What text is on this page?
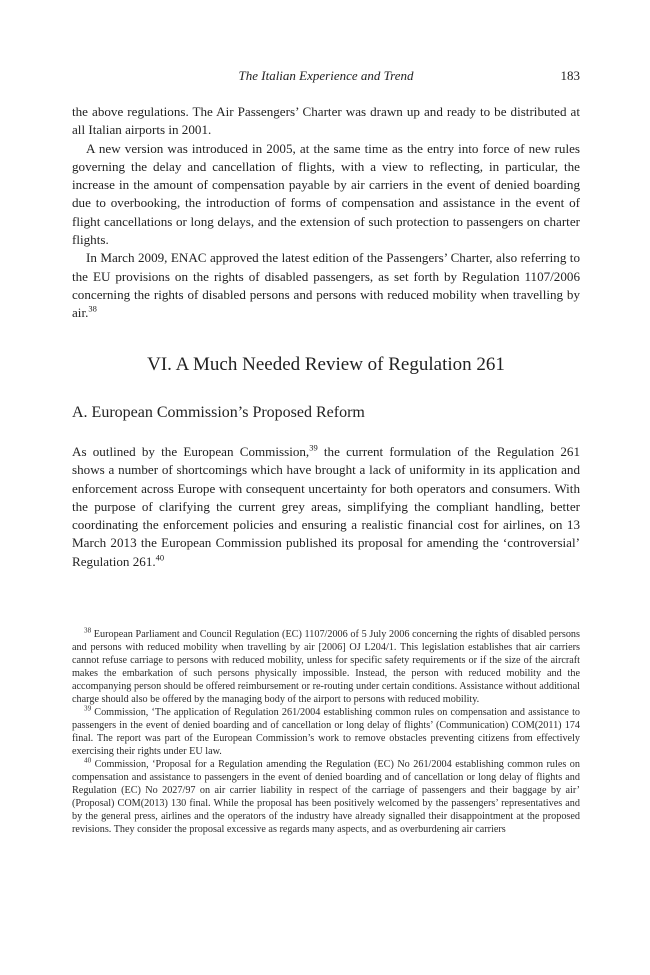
The Italian Experience and Trend	183

the above regulations. The Air Passengers’ Charter was drawn up and ready to be distributed at all Italian airports in 2001.

A new version was introduced in 2005, at the same time as the entry into force of new rules governing the delay and cancellation of flights, with a view to reflecting, in particular, the increase in the amount of compensation payable by air carriers in the event of denied boarding due to overbooking, the introduction of forms of compensation and assistance in the event of flight cancellations or long delays, and the extension of such protection to passengers on charter flights.

In March 2009, ENAC approved the latest edition of the Passengers’ Charter, also referring to the EU provisions on the rights of disabled passengers, as set forth by Regulation 1107/2006 concerning the rights of disabled persons and persons with reduced mobility when travelling by air.$^{38}$

VI. A Much Needed Review of Regulation 261
A. European Commission’s Proposed Reform

As outlined by the European Commission,$^{39}$ the current formulation of the Regulation 261 shows a number of shortcomings which have brought a lack of uniformity in its application and enforcement across Europe with consequent uncertainty for both operators and consumers. With the purpose of clarifying the current grey areas, simplifying the compliant handling, better coordinating the enforcement policies and ensuring a realistic financial cost for airlines, on 13 March 2013 the European Commission published its proposal for amending the ‘controversial’ Regulation 261.40

$^{38}$ European Parliament and Council Regulation (EC) 1107/2006 of 5 July 2006 concerning the rights of disabled persons and persons with reduced mobility when travelling by air [2006] OJ L204/1. This legislation establishes that air carriers cannot refuse carriage to persons with reduced mobility, unless for specific safety requirements or if the size of the aircraft makes the embarkation of such persons physically impossible. Instead, the person with reduced mobility and the accompanying person should be offered reimbursement or re-routing under certain conditions. Assistance without additional charge should also be offered by the managing body of the airport to persons with reduced mobility.

$^{39}$ Commission, ‘The application of Regulation 261/2004 establishing common rules on compensation and assistance to passengers in the event of denied boarding and of cancellation or long delay of flights’ (Communication) COM(2011) 174 final. The report was part of the European Commission’s work to remove obstacles preventing citizens from effectively exercising their rights under EU law.

$^{40}$ Commission, ‘Proposal for a Regulation amending the Regulation (EC) No 261/2004 establishing common rules on compensation and assistance to passengers in the event of denied boarding and of cancellation or long delay of flights and Regulation (EC) No 2027/97 on air carrier liability in respect of the carriage of passengers and their baggage by air’ (Proposal) COM(2013) 130 final. While the proposal has been positively welcomed by the passengers’ representatives and by the general press, airlines and the operators of the industry have already signalled their disappointment at the proposed revisions. They consider the proposal excessive as regards many aspects, and as overburdening air carriers
